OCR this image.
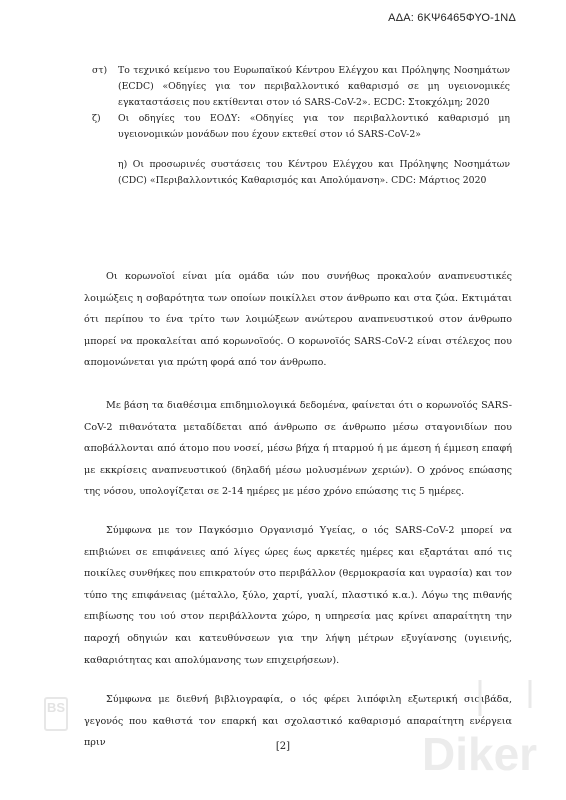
ΑΔΑ: 6ΚΨ6465ΦΥΟ-1ΝΔ
στ) Το τεχνικό κείμενο του Ευρωπαϊκού Κέντρου Ελέγχου και Πρόληψης Νοσημάτων (ECDC) «Οδηγίες για τον περιβαλλοντικό καθαρισμό σε μη υγειονομικές εγκαταστάσεις που εκτίθενται στον ιό SARS-CoV-2». ECDC: Στοκχόλμη; 2020
ζ) Οι οδηγίες του ΕΟΔΥ: «Οδηγίες για τον περιβαλλοντικό καθαρισμό μη υγειονομικών μονάδων που έχουν εκτεθεί στον ιό SARS-CoV-2»
η) Οι προσωρινές συστάσεις του Κέντρου Ελέγχου και Πρόληψης Νοσημάτων (CDC) «Περιβαλλοντικός Καθαρισμός και Απολύμανση». CDC: Μάρτιος 2020

Οι κορωνοϊοί είναι μία ομάδα ιών που συνήθως προκαλούν αναπνευστικές λοιμώξεις η σοβαρότητα των οποίων ποικίλλει στον άνθρωπο και στα ζώα. Εκτιμάται ότι περίπου το ένα τρίτο των λοιμώξεων ανώτερου αναπνευστικού στον άνθρωπο μπορεί να προκαλείται από κορωνοϊούς. Ο κορωνοϊός SARS-CoV-2 είναι στέλεχος που απομονώνεται για πρώτη φορά από τον άνθρωπο.

Με βάση τα διαθέσιμα επιδημιολογικά δεδομένα, φαίνεται ότι ο κορωνοϊός SARS-CoV-2 πιθανότατα μεταδίδεται από άνθρωπο σε άνθρωπο μέσω σταγονιδίων που αποβάλλονται από άτομο που νοσεί, μέσω βήχα ή πταρμού ή με άμεση ή έμμεση επαφή με εκκρίσεις αναπνευστικού (δηλαδή μέσω μολυσμένων χεριών). Ο χρόνος επώασης της νόσου, υπολογίζεται σε 2-14 ημέρες με μέσο χρόνο επώασης τις 5 ημέρες.

Σύμφωνα με τον Παγκόσμιο Οργανισμό Υγείας, ο ιός SARS-CoV-2 μπορεί να επιβιώνει σε επιφάνειες από λίγες ώρες έως αρκετές ημέρες και εξαρτάται από τις ποικίλες συνθήκες που επικρατούν στο περιβάλλον (θερμοκρασία και υγρασία) και τον τύπο της επιφάνειας (μέταλλο, ξύλο, χαρτί, γυαλί, πλαστικό κ.α.). Λόγω της πιθανής επιβίωσης του ιού στον περιβάλλοντα χώρο, η υπηρεσία μας κρίνει απαραίτητη την παροχή οδηγιών και κατευθύνσεων για την λήψη μέτρων εξυγίανσης (υγιεινής, καθαριότητας και απολύμανσης των επιχειρήσεων).

Σύμφωνα με διεθνή βιβλιογραφία, ο ιός φέρει λιπόφιλη εξωτερική σισιβάδα, γεγονός που καθιστά τον επαρκή και σχολαστικό καθαρισμό απαραίτητη ενέργεια πριν	[2]
BS
Diker
